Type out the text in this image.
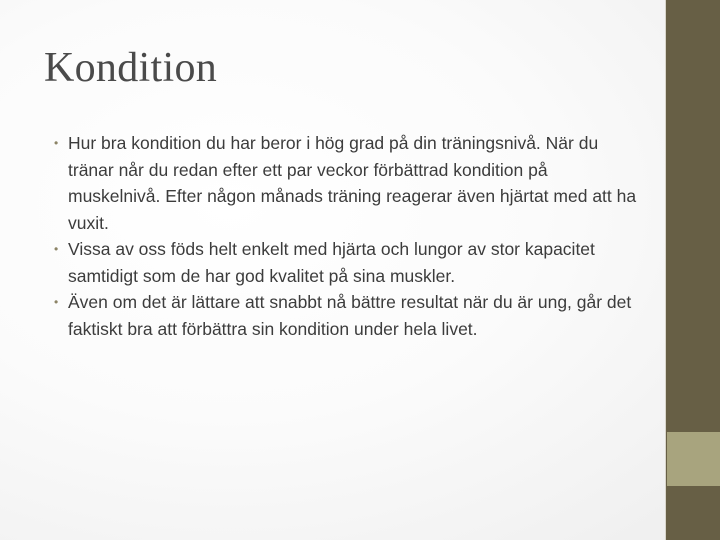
Kondition
• Hur bra kondition du har beror i hög grad på din träningsnivå. När du tränar når du redan efter ett par veckor förbättrad kondition på muskelnivå. Efter någon månads träning reagerar även hjärtat med att ha vuxit.
• Vissa av oss föds helt enkelt med hjärta och lungor av stor kapacitet samtidigt som de har god kvalitet på sina muskler.
• Även om det är lättare att snabbt nå bättre resultat när du är ung, går det faktiskt bra att förbättra sin kondition under hela livet.
